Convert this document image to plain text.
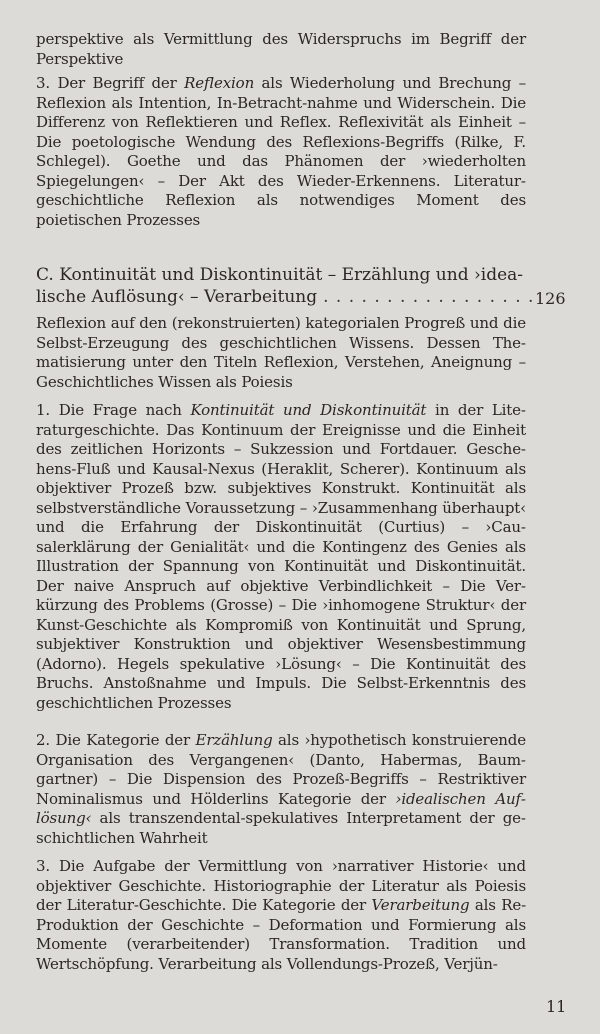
perspektive als Vermittlung des Widerspruchs im Begriff der Perspektive

3. Der Begriff der Reflexion als Wiederholung und Brechung – Reflexion als Intention, In-Betracht-nahme und Widerschein. Die Differenz von Reflektieren und Reflex. Reflexivität als Einheit – Die poetologische Wendung des Reflexions-Begriffs (Rilke, F. Schlegel). Goethe und das Phänomen der ›wiederholten Spiegelungen‹ – Der Akt des Wieder-Erkennens. Literaturgeschichtliche Reflexion als notwendiges Moment des poietischen Prozesses

C. Kontinuität und Diskontinuität – Erzählung und ›idea-
lische Auflösung‹ – Verarbeitung
. . .	126

Reflexion auf den (rekonstruierten) kategorialen Progreß und die Selbst-Erzeugung des geschichtlichen Wissens. Dessen Thematisierung unter den Titeln Reflexion, Verstehen, Aneignung – Geschichtliches Wissen als Poiesis

1. Die Frage nach Kontinuität und Diskontinuität in der Literaturgeschichte. Das Kontinuum der Ereignisse und die Einheit des zeitlichen Horizonts – Sukzession und Fortdauer. Geschehens-Fluß und Kausal-Nexus (Heraklit, Scherer). Kontinuum als objektiver Prozeß bzw. subjektives Konstrukt. Kontinuität als selbstverständliche Voraussetzung – ›Zusammenhang überhaupt‹ und die Erfahrung der Diskontinuität (Curtius) – ›Causalerklärung der Genialität‹ und die Kontingenz des Genies als Illustration der Spannung von Kontinuität und Diskontinuität. Der naive Anspruch auf objektive Verbindlichkeit – Die Verkürzung des Problems (Grosse) – Die ›inhomogene Struktur‹ der Kunst-Geschichte als Kompromiß von Kontinuität und Sprung, subjektiver Konstruktion und objektiver Wesensbestimmung (Adorno). Hegels spekulative ›Lösung‹ – Die Kontinuität des Bruchs. Anstoßnahme und Impuls. Die Selbst-Erkenntnis des geschichtlichen Prozesses

2. Die Kategorie der Erzählung als ›hypothetisch konstruierende Organisation des Vergangenen‹ (Danto, Habermas, Baumgartner) – Die Dispension des Prozeß-Begriffs – Restriktiver Nominalismus und Hölderlins Kategorie der ›idealischen Auflösung‹ als transzendental-spekulatives Interpretament der geschichtlichen Wahrheit

3. Die Aufgabe der Vermittlung von ›narrativer Historie‹ und objektiver Geschichte. Historiographie der Literatur als Poiesis der Literatur-Geschichte. Die Kategorie der Verarbeitung als Re-Produktion der Geschichte – Deformation und Formierung als Momente (verarbeitender) Transformation. Tradition und Wertschöpfung. Verarbeitung als Vollendungs-Prozeß, Verjün-

11
